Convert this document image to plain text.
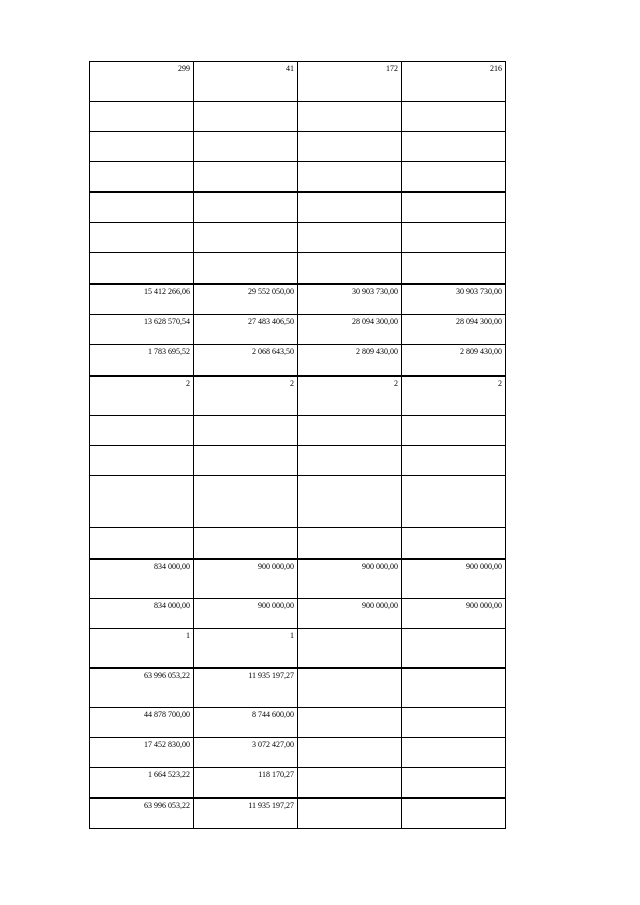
299	41	172	216

15 412 266,06	29 552 050,00	30 903 730,00	30 903 730,00
13 628 570,54	27 483 406,50	28 094 300,00	28 094 300,00
1 783 695,52	2 068 643,50	2 809 430,00	2 809 430,00
2	2	2	2

834 000,00	900 000,00	900 000,00	900 000,00
834 000,00	900 000,00	900 000,00	900 000,00
1	1		
63 996 053,22	11 935 197,27		
44 878 700,00	8 744 600,00		
17 452 830,00	3 072 427,00		
1 664 523,22	118 170,27		
63 996 053,22	11 935 197,27		
